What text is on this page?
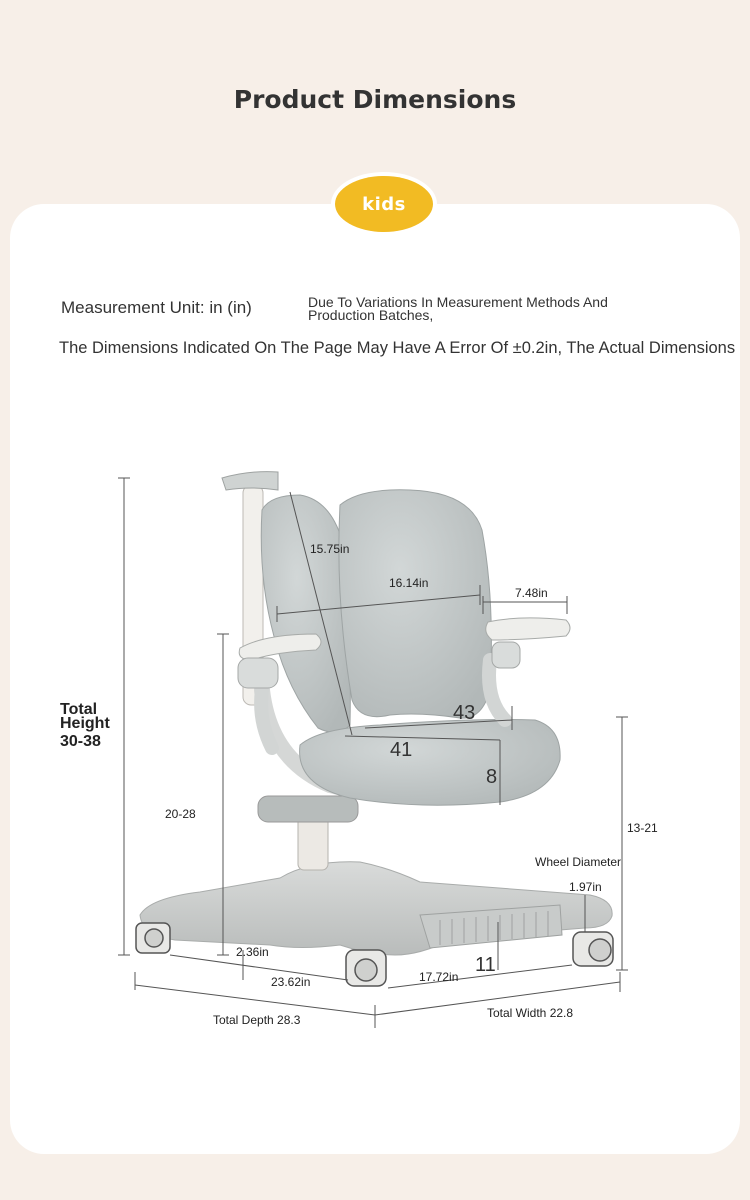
Product Dimensions
kids
Measurement Unit: in (in)	Due To Variations In Measurement Methods And Production Batches,
The Dimensions Indicated On The Page May Have A Error Of ±0.2in, The Actual Dimensions
Total
Height
30-38
15.75in
16.14in
7.48in
43
41
8
20-28
13-21
Wheel Diameter
1.97in
2.36in
23.62in	17.72in
11
Total Depth 28.3	Total Width 22.8
